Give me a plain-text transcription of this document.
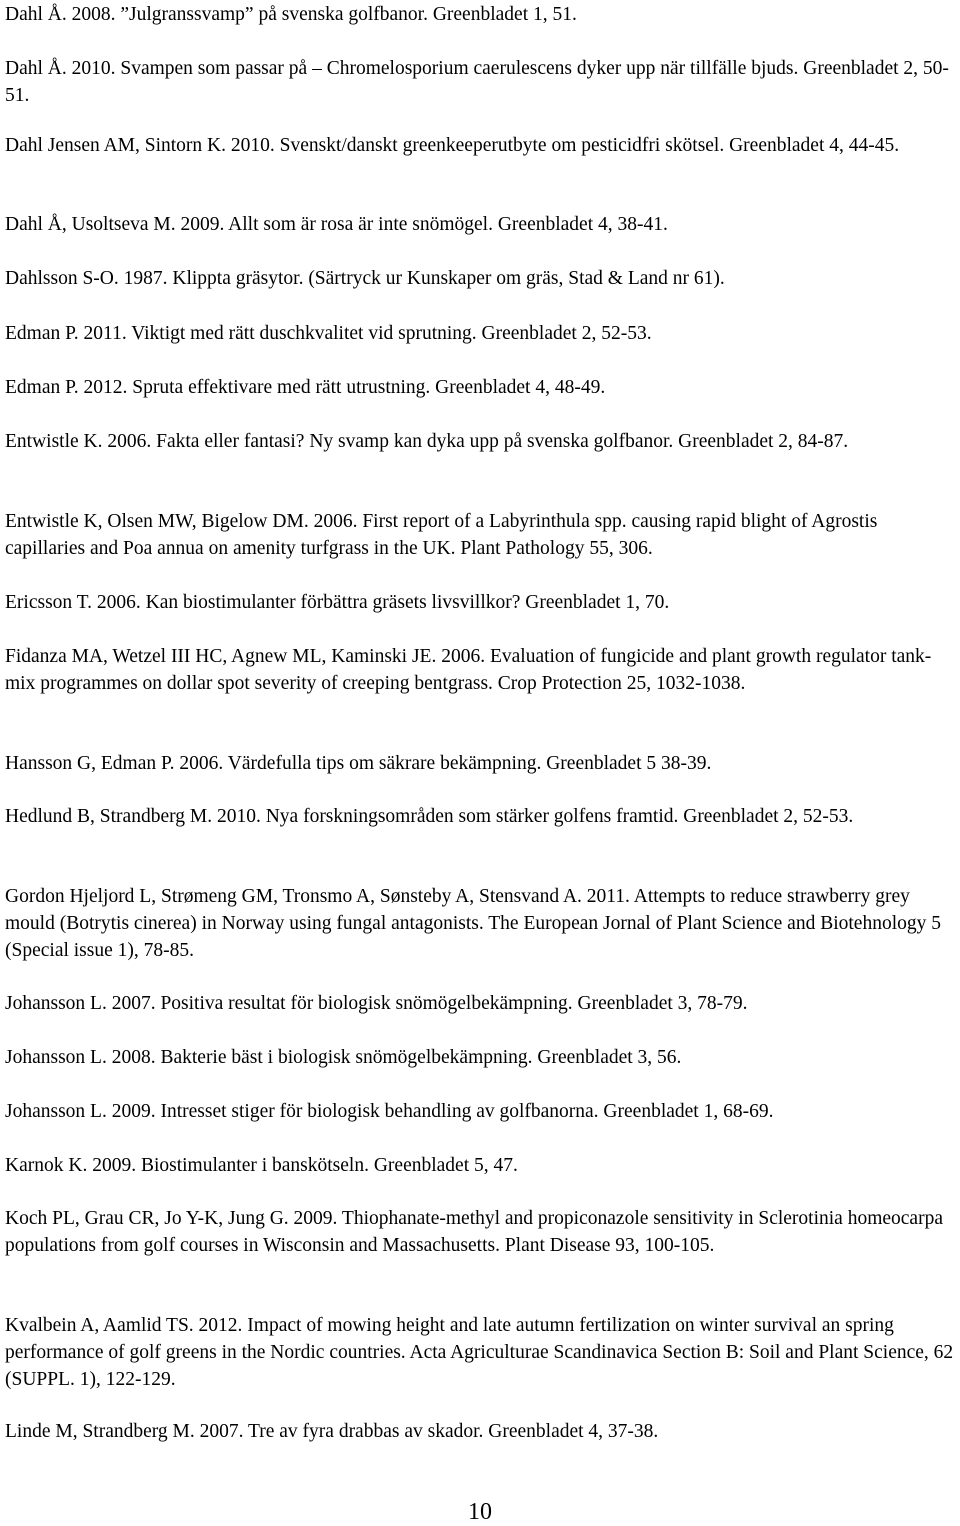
Dahl Å. 2008. ”Julgranssvamp” på svenska golfbanor. Greenbladet 1, 51.

Dahl Å. 2010. Svampen som passar på – Chromelosporium caerulescens dyker upp när tillfälle bjuds. Greenbladet 2, 50-51.

Dahl Jensen AM, Sintorn K. 2010. Svenskt/danskt greenkeeperutbyte om pesticidfri skötsel. Greenbladet 4, 44-45.

Dahl Å, Usoltseva M. 2009. Allt som är rosa är inte snömögel. Greenbladet 4, 38-41.

Dahlsson S-O. 1987. Klippta gräsytor. (Särtryck ur Kunskaper om gräs, Stad & Land nr 61).

Edman P. 2011. Viktigt med rätt duschkvalitet vid sprutning. Greenbladet 2, 52-53.

Edman P. 2012. Spruta effektivare med rätt utrustning. Greenbladet 4, 48-49.

Entwistle K. 2006. Fakta eller fantasi? Ny svamp kan dyka upp på svenska golfbanor. Greenbladet 2, 84-87.

Entwistle K, Olsen MW, Bigelow DM. 2006. First report of a Labyrinthula spp. causing rapid blight of Agrostis capillaries and Poa annua on amenity turfgrass in the UK. Plant Pathology 55, 306.

Ericsson T. 2006. Kan biostimulanter förbättra gräsets livsvillkor? Greenbladet 1, 70.

Fidanza MA, Wetzel III HC, Agnew ML, Kaminski JE. 2006. Evaluation of fungicide and plant growth regulator tank-mix programmes on dollar spot severity of creeping bentgrass. Crop Protection 25, 1032-1038.

Hansson G, Edman P. 2006. Värdefulla tips om säkrare bekämpning. Greenbladet 5 38-39.

Hedlund B, Strandberg M. 2010. Nya forskningsområden som stärker golfens framtid. Greenbladet 2, 52-53.

Gordon Hjeljord L, Strømeng GM, Tronsmo A, Sønsteby A, Stensvand A. 2011. Attempts to reduce strawberry grey mould (Botrytis cinerea) in Norway using fungal antagonists. The European Jornal of Plant Science and Biotehnology 5 (Special issue 1), 78-85.

Johansson L. 2007. Positiva resultat för biologisk snömögelbekämpning. Greenbladet 3, 78-79.

Johansson L. 2008. Bakterie bäst i biologisk snömögelbekämpning. Greenbladet 3, 56.

Johansson L. 2009. Intresset stiger för biologisk behandling av golfbanorna. Greenbladet 1, 68-69.

Karnok K. 2009. Biostimulanter i banskötseln. Greenbladet 5, 47.

Koch PL, Grau CR, Jo Y-K, Jung G. 2009. Thiophanate-methyl and propiconazole sensitivity in Sclerotinia homeocarpa populations from golf courses in Wisconsin and Massachusetts. Plant Disease 93, 100-105.

Kvalbein A, Aamlid TS. 2012. Impact of mowing height and late autumn fertilization on winter survival an spring performance of golf greens in the Nordic countries. Acta Agriculturae Scandinavica Section B: Soil and Plant Science, 62 (SUPPL. 1), 122-129.

Linde M, Strandberg M. 2007. Tre av fyra drabbas av skador. Greenbladet 4, 37-38.

10
